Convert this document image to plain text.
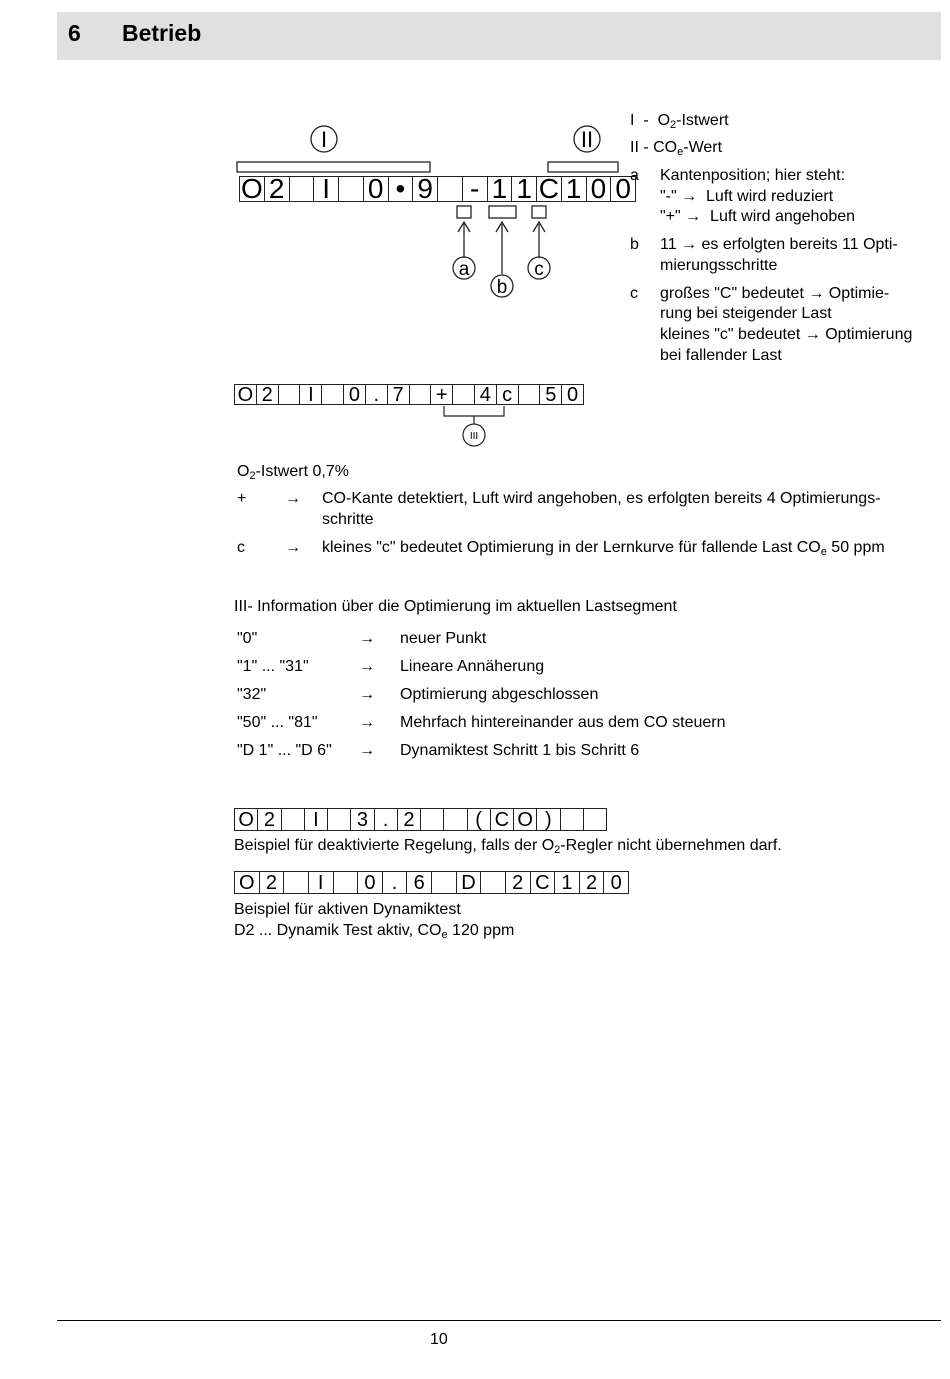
6 Betrieb
I	II
a
b
c
O 2 I	0 • 9 - 1 1 C 1 0 0
I - $O_2$-Istwert
II - $CO_e$-Wert
a Kantenposition; hier steht:
"-" → Luft wird reduziert
"+" → Luft wird angehoben
b 11 → es erfolgten bereits 11 Opti-
mierungsschritte
c großes "C" bedeutet → Optimie-
rung bei steigender Last
kleines "c" bedeutet → Optimierung
bei fallender Last
O 2	I	0 . 7 + 4 c	5 0
III
$O_2$-Istwert 0,7%
+ → CO-Kante detektiert, Luft wird angehoben, es erfolgten bereits 4 Optimierungs-
schritte
c	→ kleines "c" bedeutet Optimierung in der Lernkurve für fallende Last $CO_e$ 50 ppm
III- Information über die Optimierung im aktuellen Lastsegment
"0"	→ neuer Punkt
"1" ... "31"	→ Lineare Annäherung
"32"	→ Optimierung abgeschlossen
"50" ... "81"	→ Mehrfach hintereinander aus dem CO steuern
"D 1" ... "D 6" → Dynamiktest Schritt 1 bis Schritt 6
O 2	I	3 . 2	( C O )
Beispiel für deaktivierte Regelung, falls der $O_2$-Regler nicht übernehmen darf.
O 2	I	0 . 6	D	2 C 1 2 0
Beispiel für aktiven Dynamiktest
D2 ... Dynamik Test aktiv, $CO_e$ 120 ppm
10
